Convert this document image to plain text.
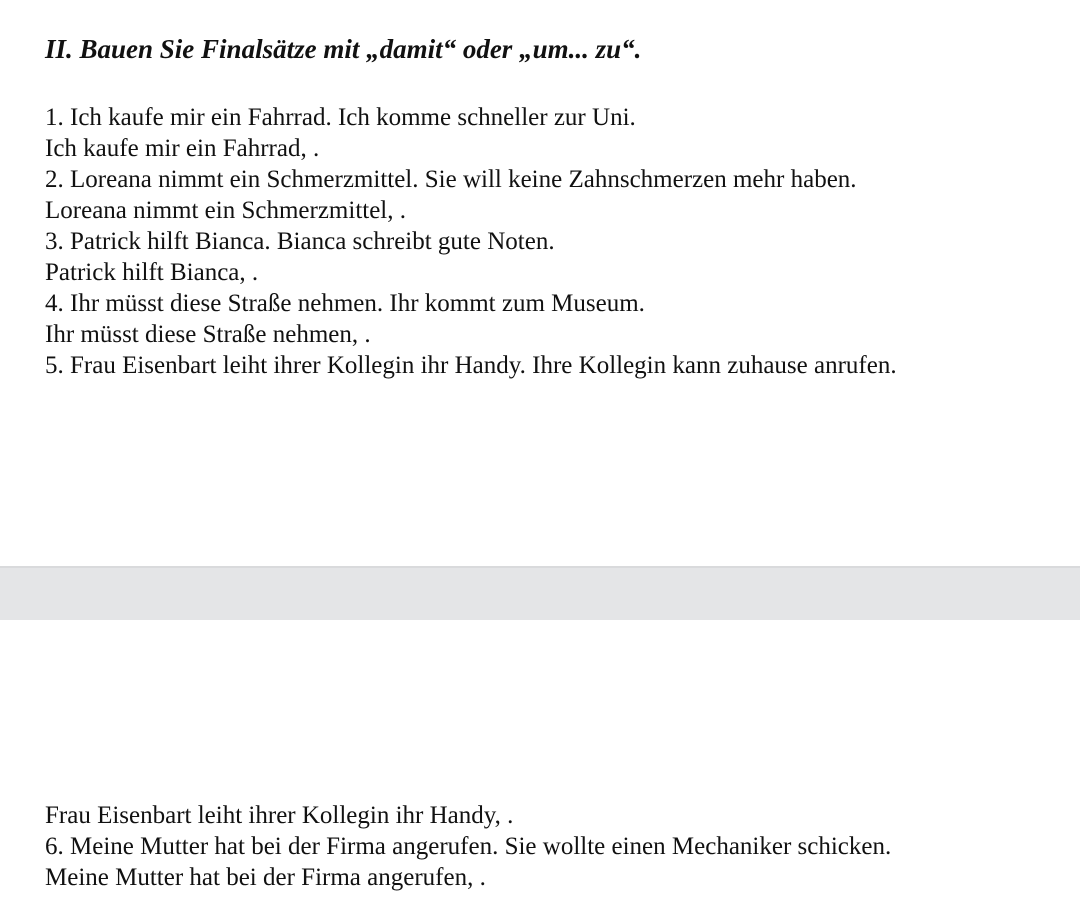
II. Bauen Sie Finalsätze mit „damit“ oder „um... zu“.
1. Ich kaufe mir ein Fahrrad. Ich komme schneller zur Uni.
Ich kaufe mir ein Fahrrad, .
2. Loreana nimmt ein Schmerzmittel. Sie will keine Zahnschmerzen mehr haben.
Loreana nimmt ein Schmerzmittel, .
3. Patrick hilft Bianca. Bianca schreibt gute Noten.
Patrick hilft Bianca, .
4. Ihr müsst diese Straße nehmen. Ihr kommt zum Museum.
Ihr müsst diese Straße nehmen, .
5. Frau Eisenbart leiht ihrer Kollegin ihr Handy. Ihre Kollegin kann zuhause anrufen.
Frau Eisenbart leiht ihrer Kollegin ihr Handy, .
6. Meine Mutter hat bei der Firma angerufen. Sie wollte einen Mechaniker schicken.
Meine Mutter hat bei der Firma angerufen, .
